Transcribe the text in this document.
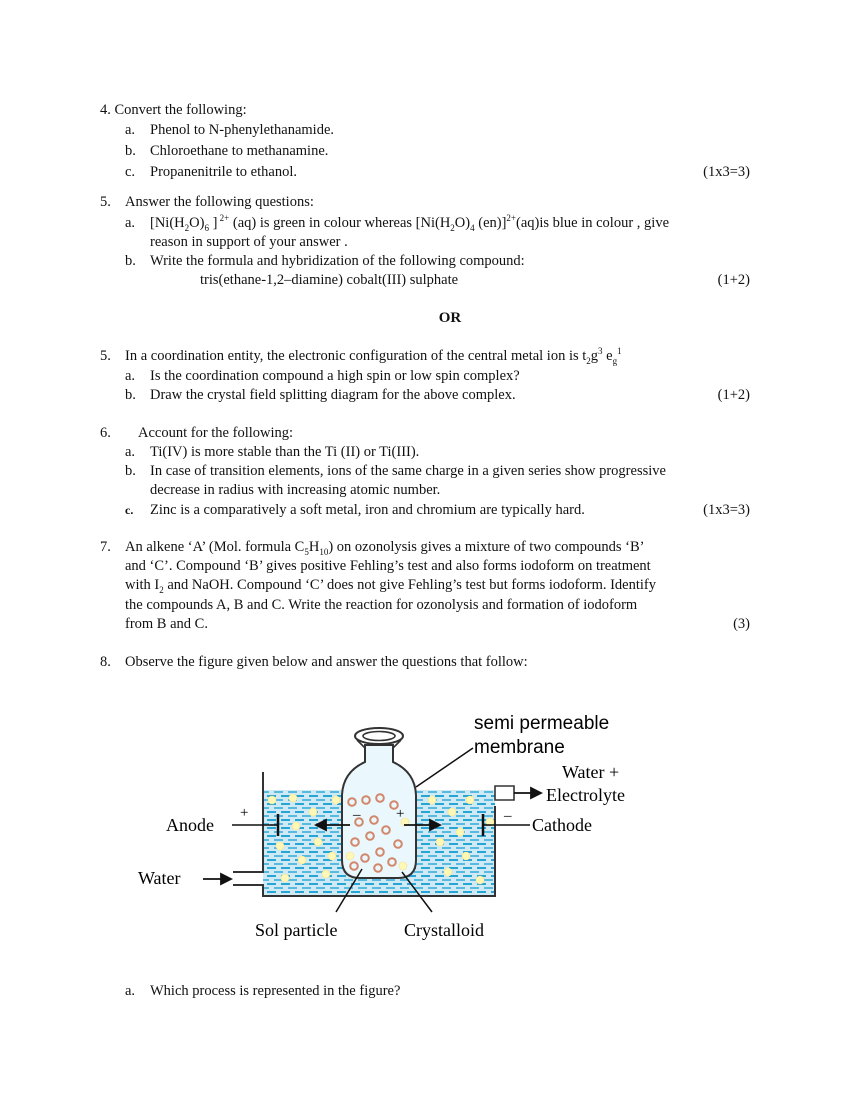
4. Convert the following:
a. Phenol to N-phenylethanamide.
b. Chloroethane to methanamine.
c. Propanenitrile to ethanol.	(1x3=3)
5. Answer the following questions:
a. [$Ni(H_2O)_6$ ] $^{2+}$ (aq) is green in colour whereas [$Ni(H_2O)_4$ (en)]$^{2+}$(aq)is blue in colour , give
reason in support of your answer .
b. Write the formula and hybridization of the following compound:
tris(ethane-1,2–diamine) cobalt(III) sulphate	(1+2)
OR
5. In a coordination entity, the electronic configuration of the central metal ion is $t_2g^3$ $e_g^1$
a. Is the coordination compound a high spin or low spin complex?
b. Draw the crystal field splitting diagram for the above complex.	(1+2)
6. Account for the following:
a. Ti(IV) is more stable than the Ti (II) or Ti(III).
b. In case of transition elements, ions of the same charge in a given series show progressive
decrease in radius with increasing atomic number.
c. Zinc is a comparatively a soft metal, iron and chromium are typically hard.	(1x3=3)
7. An alkene ‘A’ (Mol. formula $C_5H_{10}$) on ozonolysis gives a mixture of two compounds ‘B’
and ‘C’. Compound ‘B’ gives positive Fehling’s test and also forms iodoform on treatment
with $I_2$ and NaOH. Compound ‘C’ does not give Fehling’s test but forms iodoform. Identify
the compounds A, B and C. Write the reaction for ozonolysis and formation of iodoform
from B and C.	(3)
8. Observe the figure given below and answer the questions that follow:
+	– +	–
semi permeable
membrane
Water +
Electrolyte
Anode	Cathode
Water
Sol particle	Crystalloid
a. Which process is represented in the figure?
